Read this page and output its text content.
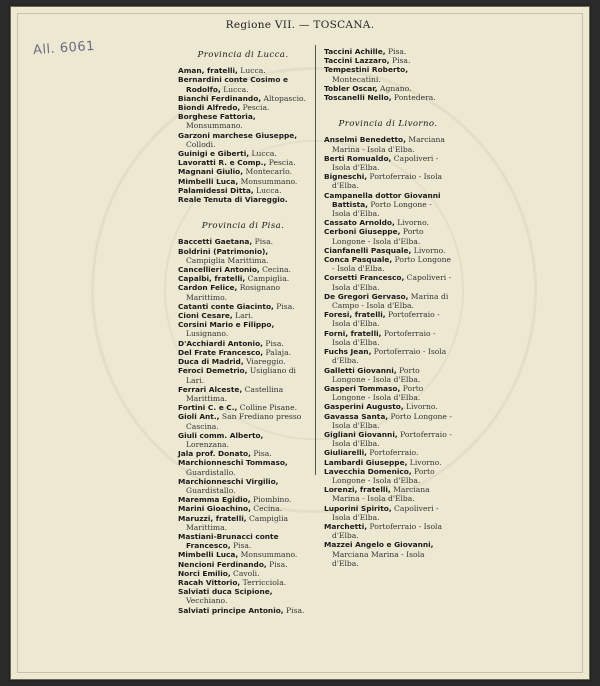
All. 6061
Regione VII. — TOSCANA.
Provincia di Lucca.

Aman, fratelli, Lucca.

Bernardini conte Cosimo e Rodolfo, Lucca.

Bianchi Ferdinando, Altopascio.

Biondi Alfredo, Pescia.

Borghese Fattoria, Monsummano.

Garzoni marchese Giuseppe, Collodi.

Guinigi e Giberti, Lucca.

Lavoratti R. e Comp., Pescia.

Magnani Giulio, Montecarlo.

Mimbelli Luca, Monsummano.

Palamidessi Ditta, Lucca.

Reale Tenuta di Viareggio.

Provincia di Pisa.

Baccetti Gaetana, Pisa.

Boldrini (Patrimonio), Campiglia Marittima.

Cancellieri Antonio, Cecina.

Capalbi, fratelli, Campiglia.

Cardon Felice, Rosignano Marittimo.

Catanti conte Giacinto, Pisa.

Cioni Cesare, Lari.

Corsini Mario e Filippo, Lusignano.

D'Acchiardi Antonio, Pisa.

Del Frate Francesco, Palaja.

Duca di Madrid, Viareggio.

Feroci Demetrio, Usigliano di Lari.

Ferrari Alceste, Castellina Marittima.

Fortini C. e C., Colline Pisane.

Gioli Ant., San Frediano presso Cascina.

Giuli comm. Alberto, Lorenzana.

Jala prof. Donato, Pisa.

Marchionneschi Tommaso, Guardistallo.

Marchionneschi Virgilio, Guardistallo.

Maremma Egidio, Piombino.

Marini Gioachino, Cecina.

Maruzzi, fratelli, Campiglia Marittima.

Mastiani-Brunacci conte Francesco, Pisa.

Mimbelli Luca, Monsummano.

Nencioni Ferdinando, Pisa.

Norci Emilio, Cavoli.

Racah Vittorio, Terricciola.

Salviati duca Scipione, Vecchiano.

Salviati principe Antonio, Pisa.

Taccini Achille, Pisa.

Taccini Lazzaro, Pisa.

Tempestini Roberto, Montecatini.

Tobler Oscar, Agnano.

Toscanelli Nello, Pontedera.

Provincia di Livorno.

Anselmi Benedetto, Marciana Marina - Isola d'Elba.

Berti Romualdo, Capoliveri - Isola d'Elba.

Bigneschi, Portoferraio - Isola d'Elba.

Campanella dottor Giovanni Battista, Porto Longone - Isola d'Elba.

Cassato Arnoldo, Livorno.

Cerboni Giuseppe, Porto Longone - Isola d'Elba.

Cianfanelli Pasquale, Livorno.

Conca Pasquale, Porto Longone - Isola d'Elba.

Corsetti Francesco, Capoliveri - Isola d'Elba.

De Gregori Gervaso, Marina di Campo - Isola d'Elba.

Foresi, fratelli, Portoferraio - Isola d'Elba.

Forni, fratelli, Portoferraio - Isola d'Elba.

Fuchs Jean, Portoferraio - Isola d'Elba.

Galletti Giovanni, Porto Longone - Isola d'Elba.

Gasperi Tommaso, Porto Longone - Isola d'Elba.

Gasperini Augusto, Livorno.

Gavassa Santa, Porto Longone - Isola d'Elba.

Gigliani Giovanni, Portoferraio - Isola d'Elba.

Giuliarelli, Portoferraio.

Lambardi Giuseppe, Livorno.

Lavecchia Domenico, Porto Longone - Isola d'Elba.

Lorenzi, fratelli, Marciana Marina - Isola d'Elba.

Luporini Spirito, Capoliveri - Isola d'Elba.

Marchetti, Portoferraio - Isola d'Elba.

Mazzei Angelo e Giovanni, Marciana Marina - Isola d'Elba.
